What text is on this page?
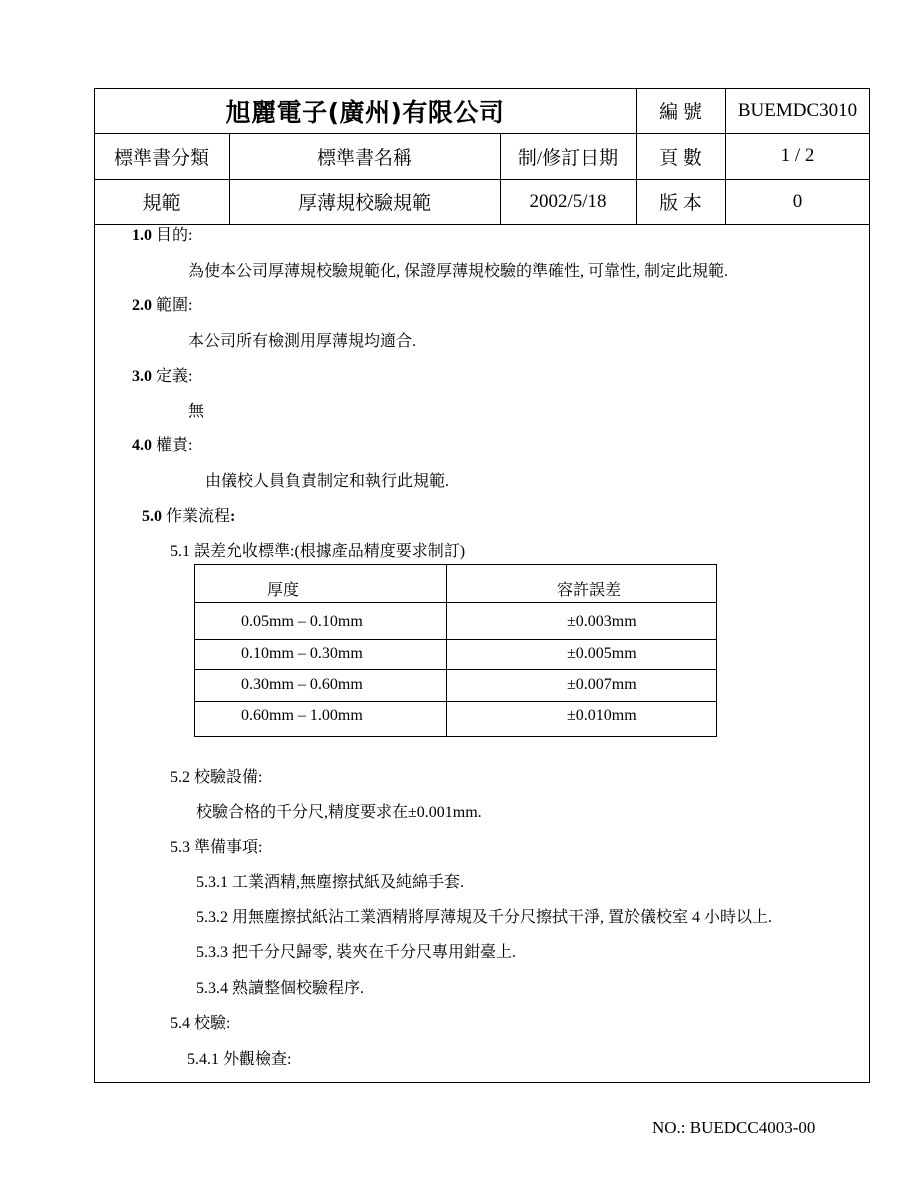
旭麗電子(廣州)有限公司	編 號	BUEMDC3010
標準書分類	標準書名稱	制/修訂日期	頁 數	1 / 2
規範	厚薄規校驗規範	2002/5/18	版 本	0
1.0 目的:
為使本公司厚薄規校驗規範化, 保證厚薄規校驗的準確性, 可靠性, 制定此規範.
2.0 範圍:
本公司所有檢測用厚薄規均適合.
3.0 定義:
無
4.0 權責:
由儀校人員負責制定和執行此規範.
5.0 作業流程:
5.1 誤差允收標準:(根據產品精度要求制訂)
厚度	容許誤差
0.05mm – 0.10mm	±0.003mm
0.10mm – 0.30mm	±0.005mm
0.30mm – 0.60mm	±0.007mm
0.60mm – 1.00mm	±0.010mm
5.2 校驗設備:
校驗合格的千分尺,精度要求在±0.001mm.
5.3 準備事項:
5.3.1 工業酒精,無塵擦拭紙及純綿手套.
5.3.2 用無塵擦拭紙沾工業酒精將厚薄規及千分尺擦拭干淨, 置於儀校室 4 小時以上.
5.3.3 把千分尺歸零, 裝夾在千分尺專用鉗臺上.
5.3.4 熟讀整個校驗程序.
5.4 校驗:
5.4.1 外觀檢查:
NO.: BUEDCC4003-00
